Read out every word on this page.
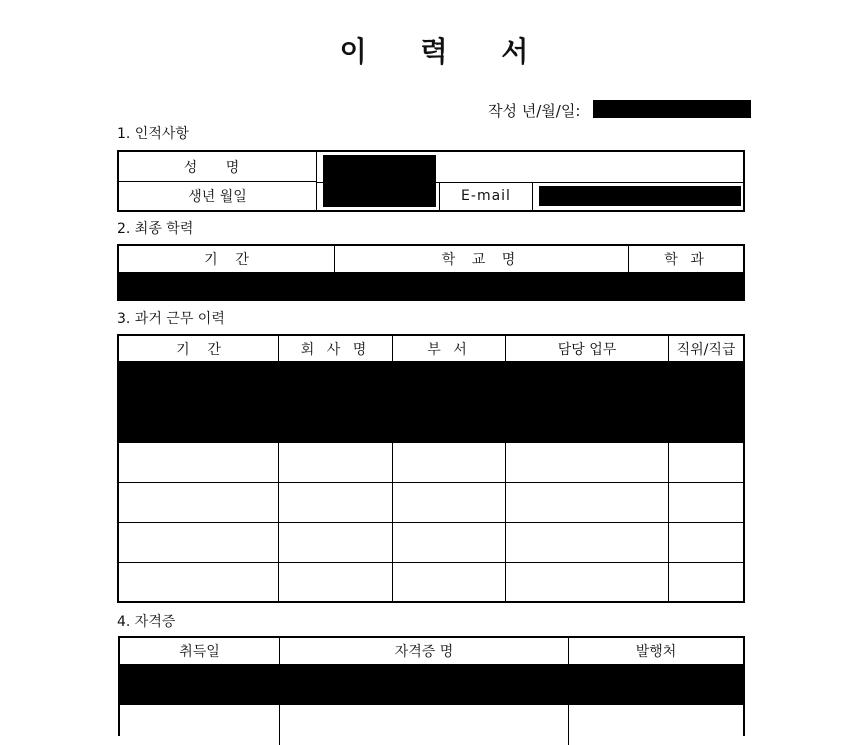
이 력 서
작성 년/월/일:
1. 인적사항
성 명
생년 월일	E-mail
2. 최종 학력
기    간	학 교 명	학 과
3. 과거 근무 이력
기    간	회 사 명	부 서	담당 업무	직위/직급
4. 자격증
취득일	자격증 명	발행처
